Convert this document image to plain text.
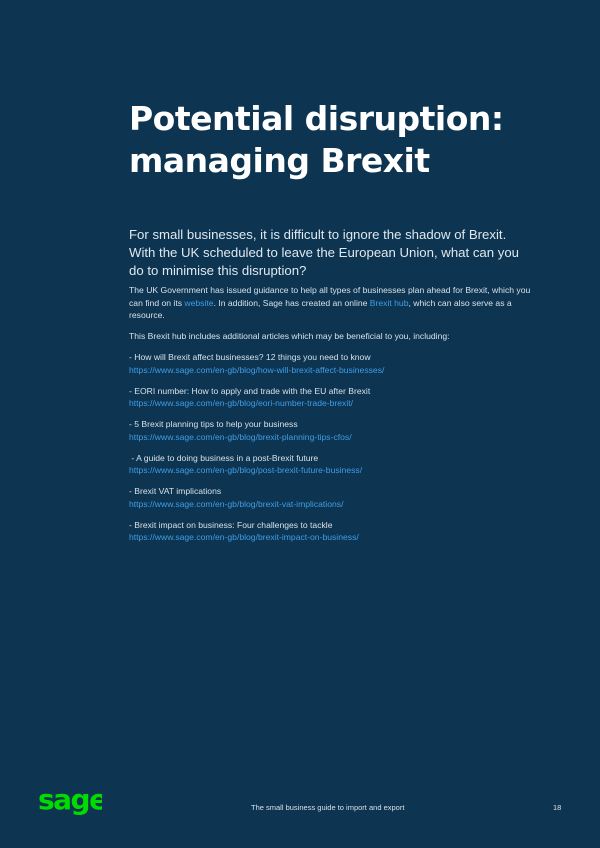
Potential disruption:
managing Brexit

For small businesses, it is difficult to ignore the shadow of Brexit. With the UK scheduled to leave the European Union, what can you do to minimise this disruption?

The UK Government has issued guidance to help all types of businesses plan ahead for Brexit, which you can find on its website. In addition, Sage has created an online Brexit hub, which can also serve as a resource.

This Brexit hub includes additional articles which may be beneficial to you, including:

- How will Brexit affect businesses? 12 things you need to know
https://www.sage.com/en-gb/blog/how-will-brexit-affect-businesses/
- EORI number: How to apply and trade with the EU after Brexit
https://www.sage.com/en-gb/blog/eori-number-trade-brexit/
- 5 Brexit planning tips to help your business
https://www.sage.com/en-gb/blog/brexit-planning-tips-cfos/
- A guide to doing business in a post-Brexit future
https://www.sage.com/en-gb/blog/post-brexit-future-business/
- Brexit VAT implications
https://www.sage.com/en-gb/blog/brexit-vat-implications/
- Brexit impact on business: Four challenges to tackle
https://www.sage.com/en-gb/blog/brexit-impact-on-business/
sage	The small business guide to import and export	18
